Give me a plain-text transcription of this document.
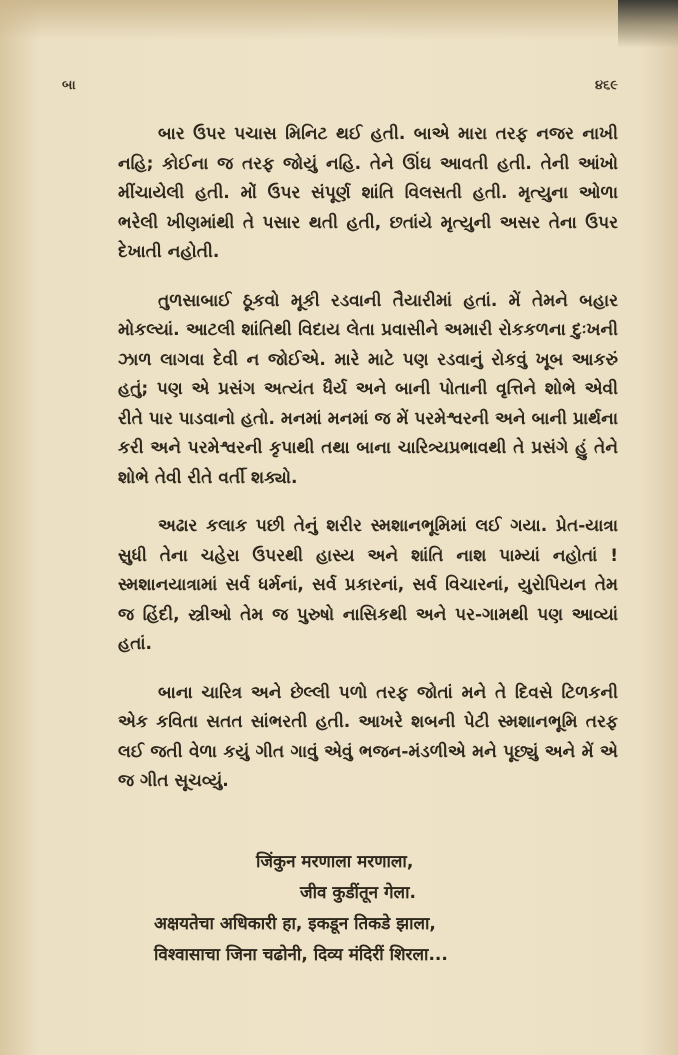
બા	૪૬૯

બાર ઉપર પચાસ મિનિટ થઈ હતી. બાએ મારા તરફ નજર નાખી નહિ; કોઈના જ તરફ જોયું નહિ. તેને ઊંઘ આવતી હતી. તેની આંખો મીંચાયેલી હતી. મોં ઉપર સંપૂર્ણ શાંતિ વિલસતી હતી. મૃત્યુના ઓળા ભરેલી ખીણમાંથી તે પસાર થતી હતી, છતાંયે મૃત્યુની અસર તેના ઉપર દેખાતી નહોતી.

તુળસાબાઈ ઠૂકવો મૂકી રડવાની તૈયારીમાં હતાં. મેં તેમને બહાર મોકલ્યાં. આટલી શાંતિથી વિદાય લેતા પ્રવાસીને અમારી રોકકળના દુઃખની ઝાળ લાગવા દેવી ન જોઈએ. મારે માટે પણ રડવાનું રોકવું ખૂબ આકરું હતું; પણ એ પ્રસંગ અત્યંત ધૈર્ય અને બાની પોતાની વૃત્તિને શોભે એવી રીતે પાર પાડવાનો હતો. મનમાં મનમાં જ મેં પરમેશ્વરની અને બાની પ્રાર્થના કરી અને પરમેશ્વરની કૃપાથી તથા બાના ચારિત્ર્યપ્રભાવથી તે પ્રસંગે હું તેને શોભે તેવી રીતે વર્તી શક્યો.

અઢાર કલાક પછી તેનું શરીર સ્મશાનભૂમિમાં લઈ ગયા. પ્રેત-યાત્રા સુધી તેના ચહેરા ઉપરથી હાસ્ય અને શાંતિ નાશ પામ્યાં નહોતાં ! સ્મશાનયાત્રામાં સર્વ ધર્મનાં, સર્વ પ્રકારનાં, સર્વ વિચારનાં, યુરોપિયન તેમ જ હિંદી, સ્ત્રીઓ તેમ જ પુરુષો નાસિકથી અને પર-ગામથી પણ આવ્યાં હતાં.

બાના ચારિત્ર અને છેલ્લી પળો તરફ જોતાં મને તે દિવસે ટિળકની એક કવિતા સતત સાંભરતી હતી. આખરે શબની પેટી સ્મશાનભૂમિ તરફ લઈ જતી વેળા કયું ગીત ગાવું એવું ભજન-મંડળીએ મને પૂછ્યું અને મેં એ જ ગીત સૂચવ્યું.

जिंकुन मरणाला मरणाला,
जीव कुडींतून गेला.
अक्षयतेचा अधिकारी हा, इकडून तिकडे झाला,
विश्वासाचा जिना चढोनी, दिव्य मंदिरीं शिरला...
